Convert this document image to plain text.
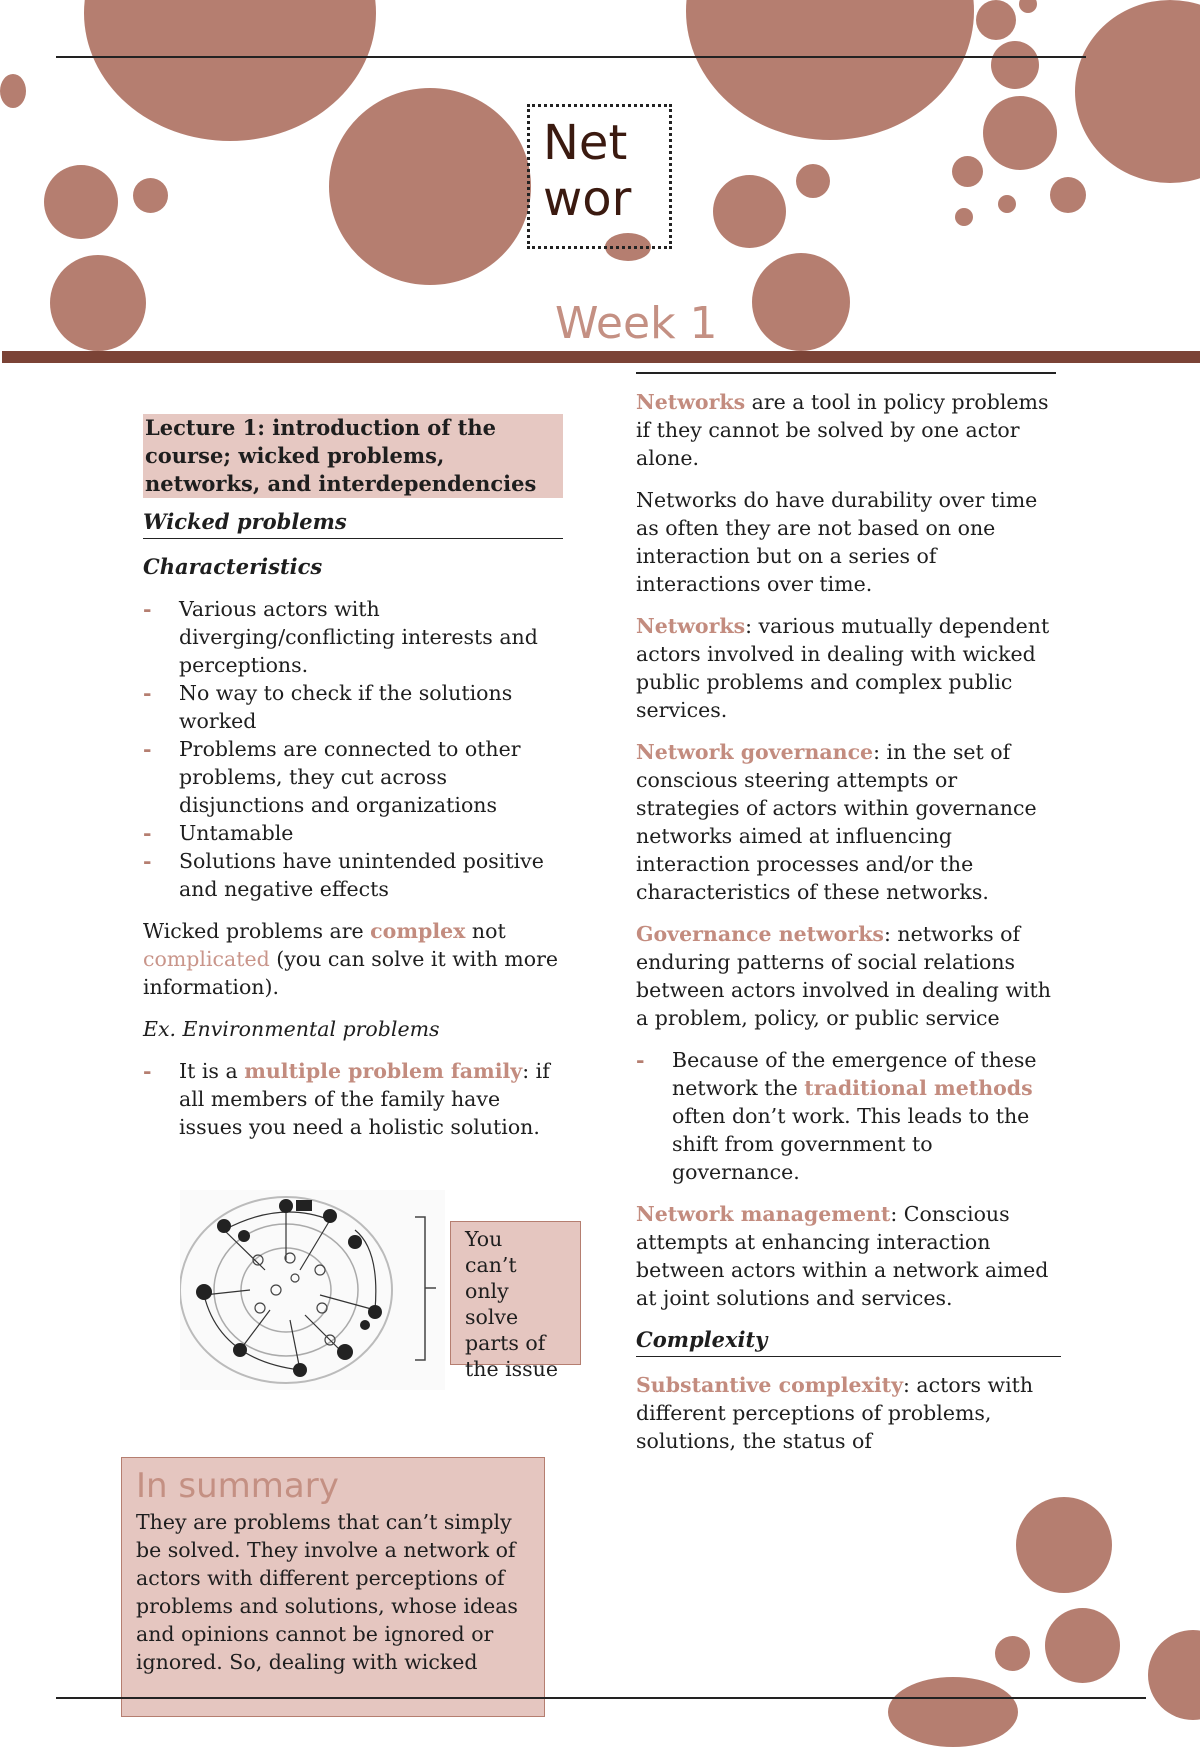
Net
wor
Week 1
Lecture 1: introduction of the course; wicked problems, networks, and interdependencies
Wicked problems
Characteristics
- Various actors with diverging/conflicting interests and perceptions.
- No way to check if the solutions worked
- Problems are connected to other problems, they cut across disjunctions and organizations
- Untamable
- Solutions have unintended positive and negative effects

Wicked problems are complex not complicated (you can solve it with more information).

Ex. Environmental problems

- It is a multiple problem family: if all members of the family have issues you need a holistic solution.
You
can’t
only
solve
parts of
the issue
In summary
They are problems that can’t simply be solved. They involve a network of actors with different perceptions of problems and solutions, whose ideas and opinions cannot be ignored or ignored. So, dealing with wicked

Networks are a tool in policy problems if they cannot be solved by one actor alone.

Networks do have durability over time as often they are not based on one interaction but on a series of interactions over time.

Networks: various mutually dependent actors involved in dealing with wicked public problems and complex public services.

Network governance: in the set of conscious steering attempts or strategies of actors within governance networks aimed at influencing interaction processes and/or the characteristics of these networks.

Governance networks: networks of enduring patterns of social relations between actors involved in dealing with a problem, policy, or public service

- Because of the emergence of these network the traditional methods often don’t work. This leads to the shift from government to governance.

Network management: Conscious attempts at enhancing interaction between actors within a network aimed at joint solutions and services.

Complexity

Substantive complexity: actors with different perceptions of problems, solutions, the status of
